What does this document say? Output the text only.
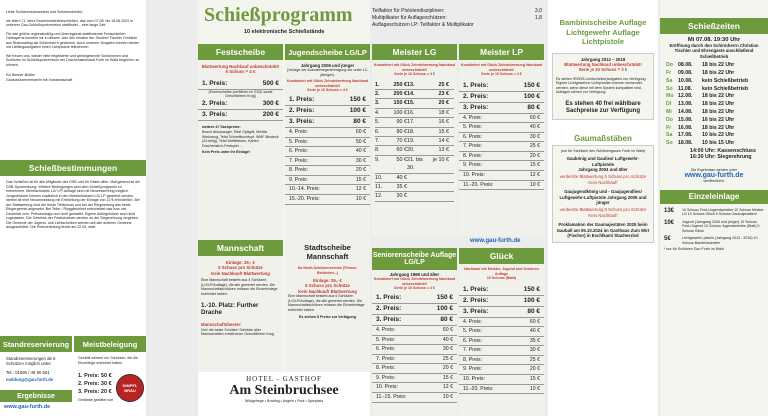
Liebe Schützenschwestern und Schützenbrüder,

wir feiern 71 Jahre Drachenstichfestschießen, das vom 07.08. bis 18.08.2024 in unserem Gau-Schießsportzentrum stattfindet – eine lange Zeit.

Für das größte regionalmäßig und überregional stattfindende Festschießen Ostbayerns konnten wir in diesem Jahr den Inhaber der Stocker/ Tischler Christian aus Rhanwalting als Schirmherrn gewinnen. Auch unseren Jüngsten können wieder mit Lieblingsaufgaben einen Lichtpistole teilnehmen.

Wir freuen uns, wieder viele begeisterte und gleichgesinnte Schützinnen und Schützen im Schießsportzentrum der Drachenstichstadt Furth im Wald begrüßen zu können.

Evi Benner-Blöthe

Gauschützenmeisterin mit Vorstandschaft

Schießbestimmungen

Das Schießen ist für alle Mitglieder des DSB und für Gäste offen. Maßgebend ist die DSB-Sportordnung. Weitere Bedingungen sind dem Schießprogramm zu entnehmen. Mehrfachstarts LG/ LP/ Auflage sind mit Neueinwerfung möglich. Jungschützen können zusätzlich in den Meisterklassen LG/ LP gewertet werden, hierbei ist eine Neuanmeldung mit Entrichtung der Einlage von 13 € erforderlich. Bei der Stattwertung wird der beste Tiefschuss und bei der Ringwertung das beste Ringergebnis angesetzt. Bei Teiler / Ringgleichheit entscheidet das bzw. der Deckblatt vom. Preisausfolge und nicht gestattet. Eigene Auflegehölzer sind nicht zugelassen. Die Gewinne der Festscheiben werden an der Siegerehrung vergeben. Die Gewinne der Jugend- und Lichtscheiben werden auf alle anderen Gewinne ausgeschüttet. Die Preisverteilung findet am 22.09. statt.

Standreservierung

Standreservierungen ab 6 Schützen möglich unter

Tel.: 01590 / 48 90 551

meldung@gau-furth.de

Ergebnisse

www.gau-furth.de

Meistbeleigung

Gezählt werden nur Schützen, die die Einzelleige entrichtet haben.

1. Preis: 50 €
2. Preis: 30 €
3. Preis: 20 €

Getränke gestiftet von

DIMPFL BRÄU
Schießprogramm
10 elektronische Schießstände
Festscheibe
Blattwertung Nachkauf unbeschränkt!
5 Schuss = 4 €
1. Preis:	500 €

(Ehrenscheibe (verliehen im SSZ) sowie Grenzfährten Krug)

2. Preis:	300 €
3. Preis:	200 €

weitere 47 Sachpreise:

Bosch Akkusauger, Tefal Optigrill, Melitta Werkzeug, Tefal Schnellkochtopf, WMF-Besteck (24-teilig), Tefal Waffeleisen, Karten Drachenstich-Festspiel ...

Kein Preis unter Ihr Einlage!

Mannschaft

Einlage: 25,- €

5 Schuss pro Schütze

Kein Nachkauf! Blattwertung

Eine Mannschaft besteht aus 4 Schützen (LG/LP/Auflage), die alle gewertet werden. Die Mannschaftsschützen müssen die Einzeleinlage entrichtet haben.

1.-10. Platz: Further Drache

Mannschaftsbester:

Der/ die beste Schütze/ Schützin aller Mannschaften erhält einen Grenzfährten Krug

Jugendscheibe LG/LP

Jahrgang 2006 und jünger

(Vorlage der Ausnahmegenehmigung der unter 12-jährigen)

Kombiniert mit Glück Zehntelwertung Nachkauf unbeschränkt!

Serie je 10 Schuss = 4 €

1. Preis:	150 €
2. Preis:	100 €
3. Preis:	80 €
4. Preis:	60 €
5. Preis:	50 €
6. Preis:	40 €
7. Preis:	30 €
8. Preis:	20 €
9. Preis:	15 €
10.-14. Preis:	12 €
15.-20. Preis:	10 €
Stadtscheibe Mannschaft

für Nicht-Schützenvereine (Firmen, Behörden...)

Einlage: 25,- €

5 Schuss pro Schütze

Kein Nachkauf! Blattwertung

Eine Mannschaft besteht aus 6 Schützen (LG/LP/Auflage), die alle gewertet werden. Die Mannschaftsschützen müssen die Einzeleinlage entrichtet haben.

Es stehen 5 Preise zur Verfügung

HOTEL - GASTHOF

Am Steinbruchsee

Wildgehege • Bowling • Angeln • Pool • Spielplatz

Teilfaktor für Pistolendisziplinen:	3,0
Multiplikator für Auflageschützen:	1,8
Auflageschützen LP: Teilfaktor & Multiplikator
Meister LG

Kombiniert mit Glück Zehntelwertung Nachkauf unbeschränkt!

Serie je 10 Schuss = 4 €

1.	250 € 13.	25 €
2.	200 € 14.	23 €
3.	150 € 15.	20 €
4.	100 € 16.	18 €
5.	90 € 17.	16 €
6.	80 € 18.	15 €
7.	70 € 19.	14 €
8.	60 € 20.	13 €
9.	50 € 21. bis 30.
je 10 €
10.	40 €
11.	35 €
12.	30 €
Meister LP

Kombiniert mit Glück Zehntelwertung Nachkauf unbeschränkt!

Serie je 10 Schuss = 4 €

1. Preis:	150 €
2. Preis:	100 €
3. Preis:	80 €
4. Preis:	60 €
5. Preis:	40 €
6. Preis:	30 €
7. Preis:	25 €
8. Preis:	20 €
9. Preis:	15 €
10. Preis:	12 €
11.-20. Preis:	10 €
Seniorenscheibe Auflage LG/LP

Jahrgang 1968 und älter

Kombiniert mit Glück Zehntelwertung Nachkauf unbeschränkt!

Serie je 10 Schuss = 4 €

1. Preis:	150 €
2. Preis:	100 €
3. Preis:	80 €
4. Preis:	60 €
5. Preis:	40 €
6. Preis:	30 €
7. Preis:	25 €
8. Preis:	20 €
9. Preis:	15 €
10. Preis:	12 €
11.-15. Preis:	10 €
Glück

Nachkauf mit Meister, Jugend und Senioren

Auflage

10 Schuss (Blatt)

1. Preis:	150 €
2. Preis:	100 €
3. Preis:	80 €
4. Preis:	60 €
5. Preis:	40 €
6. Preis:	35 €
7. Preis:	30 €
8. Preis:	25 €
9. Preis:	20 €
10. Preis:	15 €
11.-20. Preis:	10 €

www.gau-furth.de

Bambinischeibe Auflage Lichtgewehr Auflage Lichtpistole

Jahrgang 2012 – 2018

Blattwertung Nachkauf unbeschränkt!

Serie je 10 Schuss = 2 €

Es stehen IRONS-Lichtscheibe(Aufgaben zur Verfügung. Eigene Lichtgewehre/ Lichtpistolen können verwendet werden, wenn diese mit dem System kompatibel sind. Auflagen stehen zur Verfügung.

Es stehen 40 frei wählbare Sachpreise zur Verfügung

Gaumaßstäben

(nur für Schützen des Schützengaues Furth im Wald)

Gaukönig und Gaulies/ Luftgewehr-Luftpistole

Jahrgang 2004 und älter

verdeckte Blattwertung 5 Schuss pro Schütze Kein Nachkauf!

Gaujugendkönig und - Gaujugendlies/ Luftgewehr-Luftpistole Jahrgang 2005 und jünger

verdeckte Blattwertung 5 Schuss pro Schütze Kein Nachkauf!

Proklamation der Gaumajestäten 2025 beim Gauball am 05.10.2024 im Gasthaus Zum Wirt (Fischer) in Eschlkam/ Stachesried

Schießzeiten

Mi 07.08. 19:30 Uhr

Eröffnung durch den Schirmherrn Christian Tischler und Ehrengäste anschließend Schießbetrieb

Do 08.08.	18 bis 22 Uhr
Fr	09.08.	18 bis 22 Uhr
Sa	10.08.	kein Schießbetrieb
So	11.08.	kein Schießbetrieb
Mo 12.08.	18 bis 22 Uhr
Di	13.08.	18 bis 22 Uhr
Mi	14.08.	18 bis 22 Uhr
Do 15.08.	16 bis 22 Uhr
Fr	16.08.	18 bis 22 Uhr
Sa	17.08.	10 bis 22 Uhr
So	18.08.	10 bis 15 Uhr

14:00 Uhr: Kassenschluss

16:30 Uhr: Siegerehrung

Die Ergebnisse werden unter

www.gau-furth.de

veröffentlicht.

Einzeleinlage
13€	10 Schuss Fest-/Jugendscheibe 10 Schuss Meister LG 10 Schuss Glück 5 Schuss Gaumajestäten*
10€	Jugend (Jahrgang 2006 und jünger) 10 Schuss Fest-/Jugend 10 Schuss Jugendscheibe (Blatt) 5 Schuss Glück
5€	Lichtgewehr/-pistole (Jahrgang 2012 - 2018) 10 Schuss Bambinischeibe

* nur für Schützen Gau Furth im Wald
